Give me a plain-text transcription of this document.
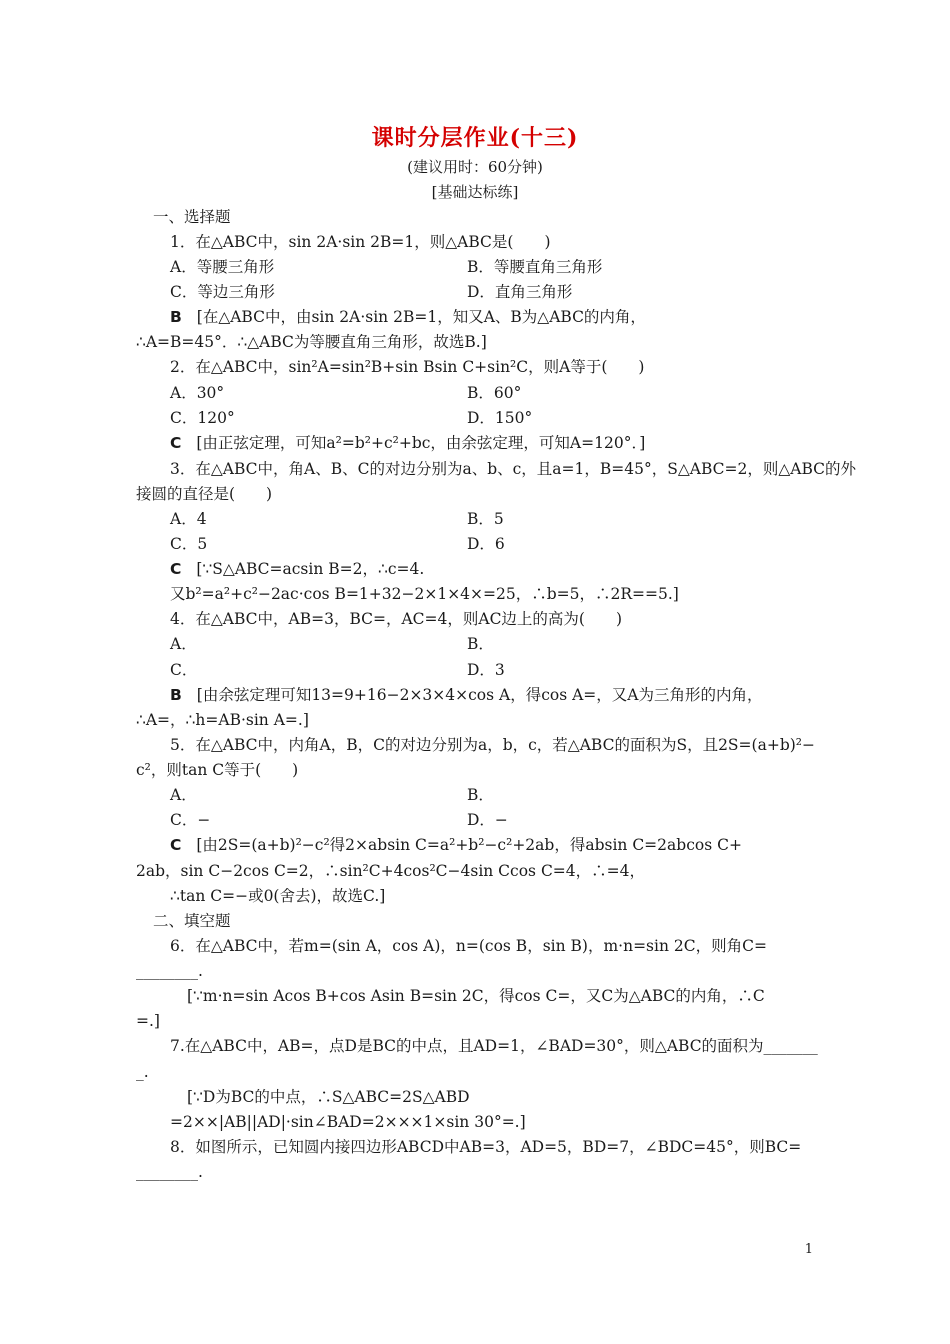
课时分层作业(十三)
(建议用时：60分钟)
[基础达标练]
一、选择题
1．在△ABC中，sin 2A·sin 2B=1，则△ABC是(　　)
A．等腰三角形	B．等腰直角三角形
C．等边三角形	D．直角三角形
B [在△ABC中，由sin 2A·sin 2B=1，知又A、B为△ABC的内角，
∴A=B=45°．∴△ABC为等腰直角三角形，故选B.]
2．在△ABC中，sin²A=sin²B+sin Bsin C+sin²C，则A等于(　　)
A．30°	B．60°
C．120°	D．150°
C [由正弦定理，可知a²=b²+c²+bc，由余弦定理，可知A=120°．]
3．在△ABC中，角A、B、C的对边分别为a、b、c，且a=1，B=45°，S△ABC=2，则△ABC的外
接圆的直径是(　　)
A．4	B．5
C．5	D．6
C [∵S△ABC=acsin B=2，∴c=4.
又b²=a²+c²−2ac·cos B=1+32−2×1×4×=25，∴b=5，∴2R==5.]
4．在△ABC中，AB=3，BC=，AC=4，则AC边上的高为(　　)
A．	B．
C．	D．3
B [由余弦定理可知13=9+16−2×3×4×cos A，得cos A=，又A为三角形的内角，
∴A=，∴h=AB·sin A=.]
5．在△ABC中，内角A，B，C的对边分别为a，b，c，若△ABC的面积为S，且2S=(a+b)²−
c²，则tan C等于(　　)
A．	B．
C．−	D．−
C [由2S=(a+b)²−c²得2×absin C=a²+b²−c²+2ab，得absin C=2abcos C+
2ab，sin C−2cos C=2，∴sin²C+4cos²C−4sin Ccos C=4，∴=4，
∴tan C=−或0(舍去)，故选C.]
二、填空题
6．在△ABC中，若m=(sin A，cos A)，n=(cos B，sin B)，m·n=sin 2C，则角C=
________.
[∵m·n=sin Acos B+cos Asin B=sin 2C，得cos C=，又C为△ABC的内角，∴C
=.]
7.在△ABC中，AB=，点D是BC的中点，且AD=1，∠BAD=30°，则△ABC的面积为_______
_.
[∵D为BC的中点，∴S△ABC=2S△ABD
=2××|AB||AD|·sin∠BAD=2×××1×sin 30°=.]
8．如图所示，已知圆内接四边形ABCD中AB=3，AD=5，BD=7，∠BDC=45°，则BC=
________.
1
